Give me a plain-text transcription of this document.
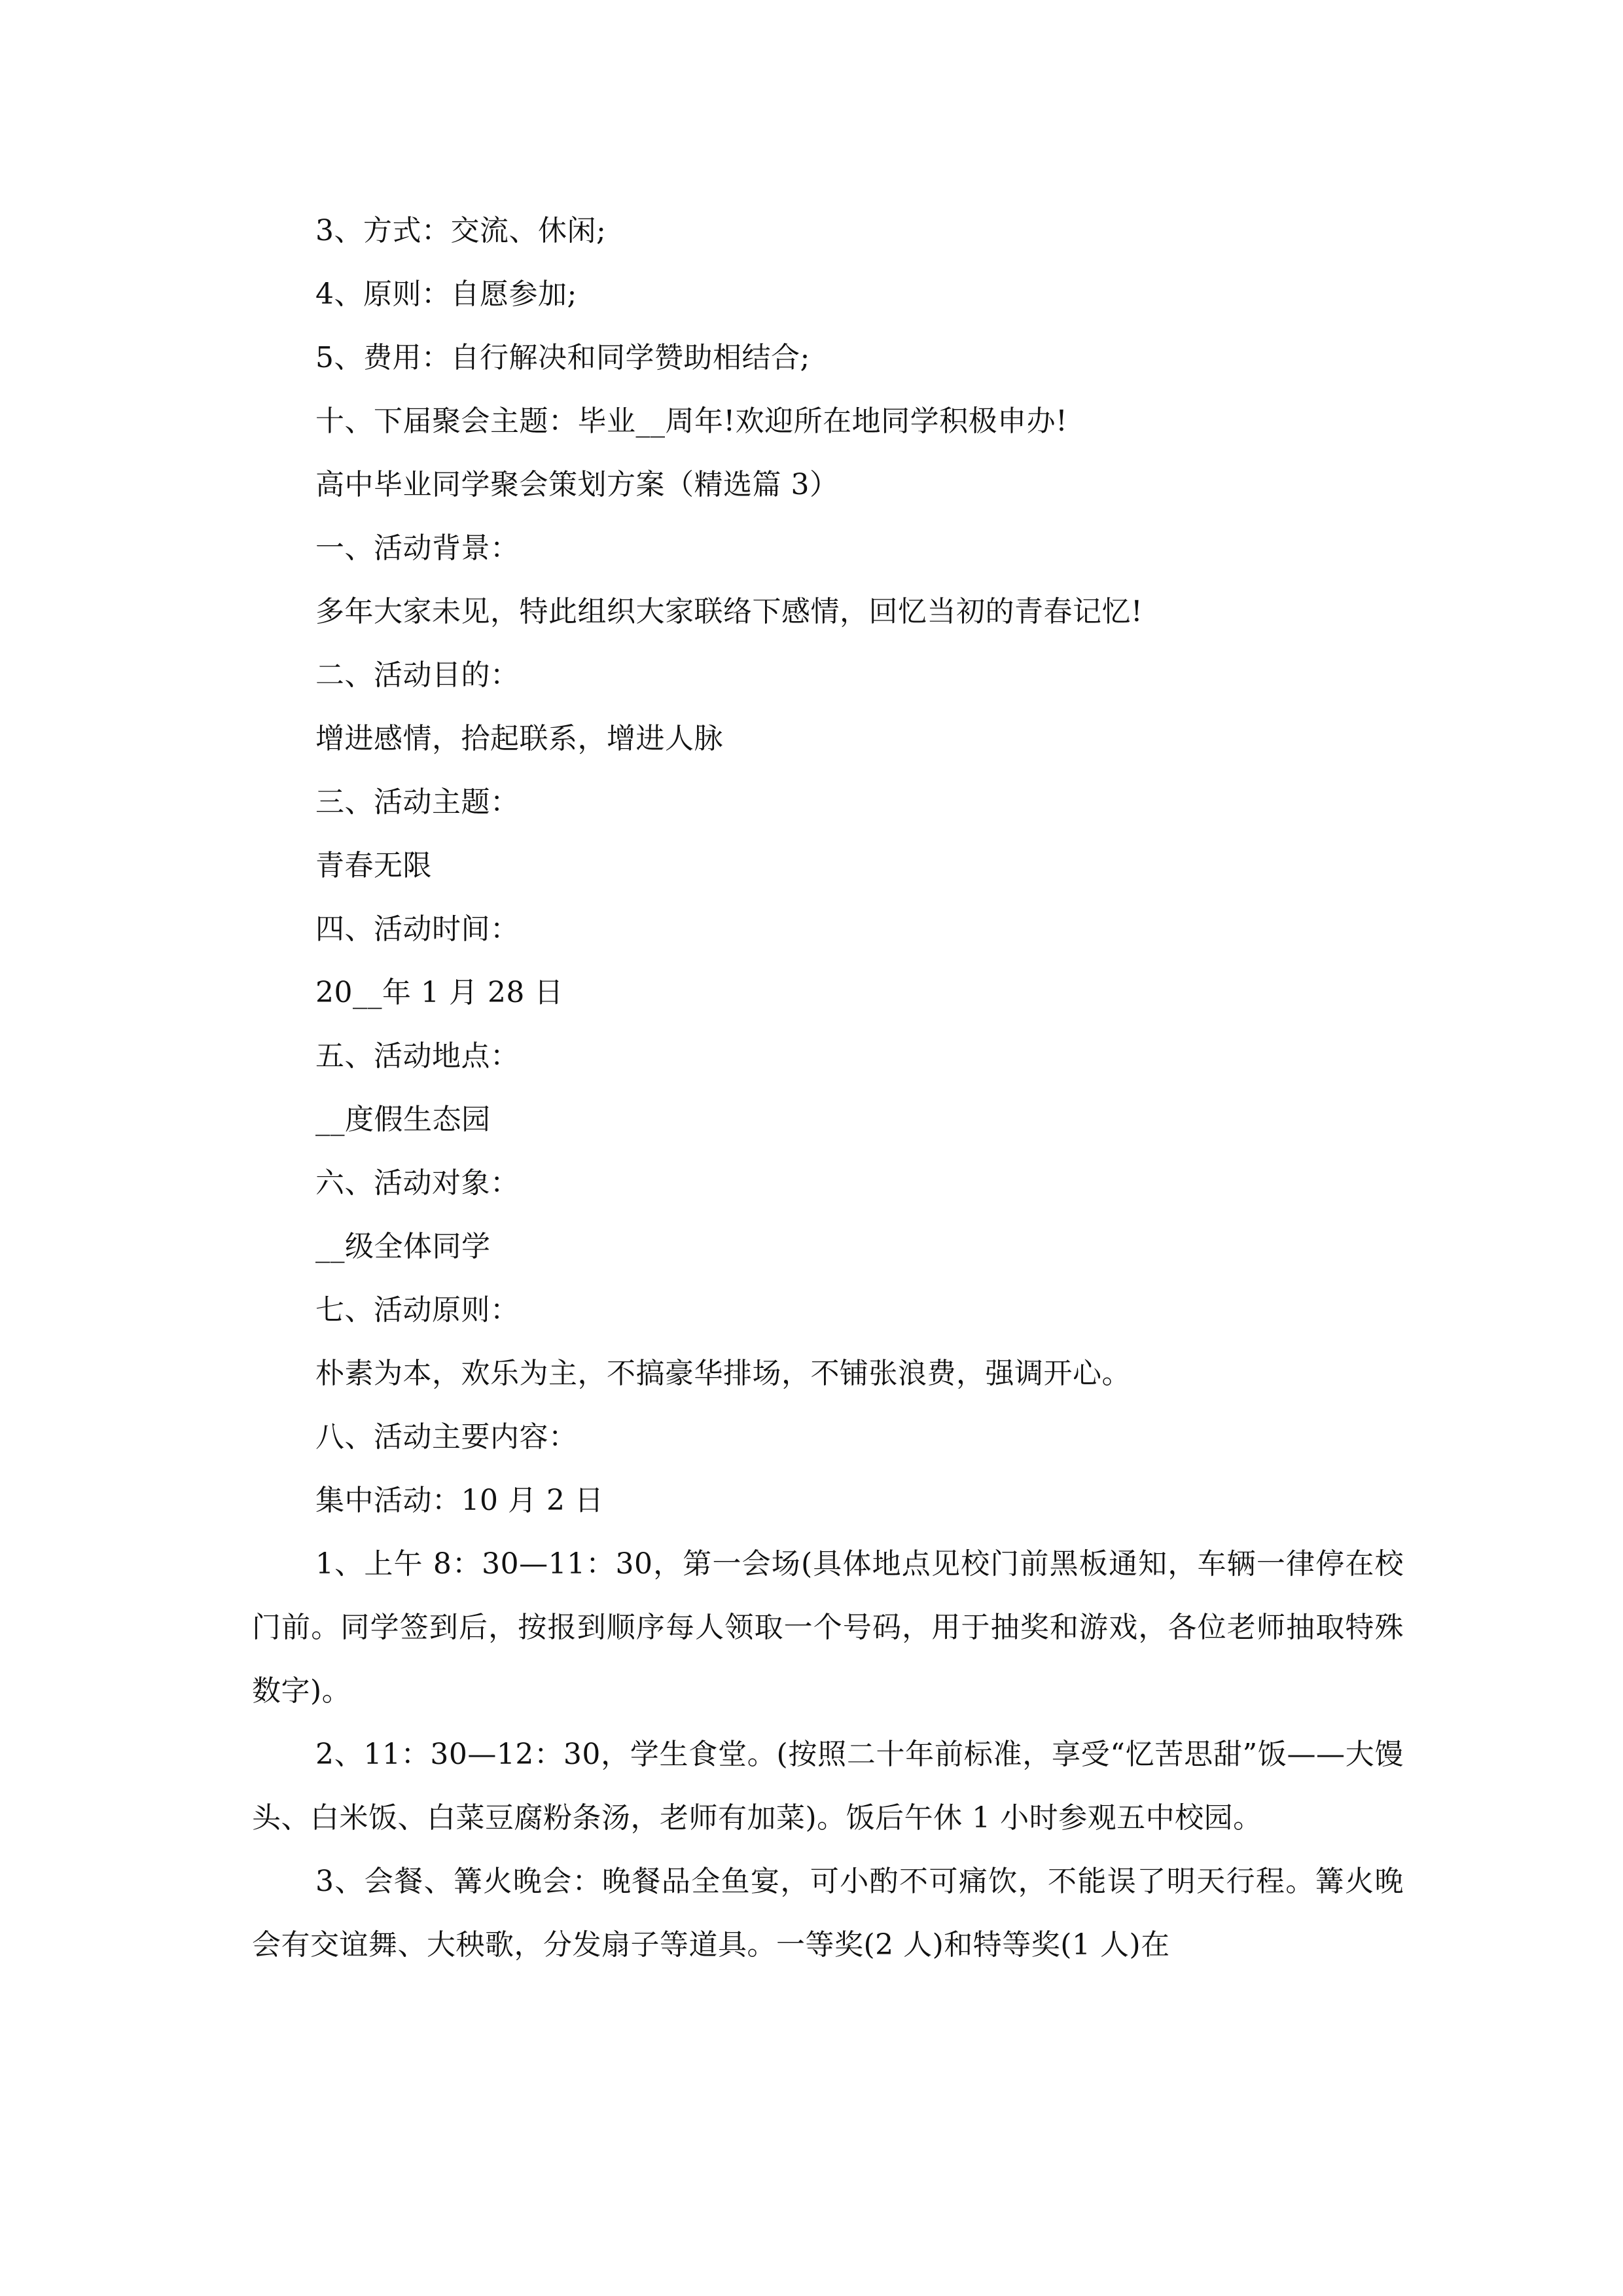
3、方式：交流、休闲;
4、原则：自愿参加;
5、费用：自行解决和同学赞助相结合;
十、下届聚会主题：毕业__周年!欢迎所在地同学积极申办!
高中毕业同学聚会策划方案（精选篇 3）
一、活动背景：
多年大家未见，特此组织大家联络下感情，回忆当初的青春记忆!
二、活动目的：
增进感情，拾起联系，增进人脉
三、活动主题：
青春无限
四、活动时间：
20__年 1 月 28 日
五、活动地点：
__度假生态园
六、活动对象：
__级全体同学
七、活动原则：
朴素为本，欢乐为主，不搞豪华排场，不铺张浪费，强调开心。
八、活动主要内容：
集中活动：10 月 2 日

1、上午 8：30—11：30，第一会场(具体地点见校门前黑板通知，车辆一律停在校门前。同学签到后，按报到顺序每人领取一个号码，用于抽奖和游戏，各位老师抽取特殊数字)。

2、11：30—12：30，学生食堂。(按照二十年前标准，享受“忆苦思甜”饭——大馒头、白米饭、白菜豆腐粉条汤，老师有加菜)。饭后午休 1 小时参观五中校园。

3、会餐、篝火晚会：晚餐品全鱼宴，可小酌不可痛饮，不能误了明天行程。篝火晚会有交谊舞、大秧歌，分发扇子等道具。一等奖(2 人)和特等奖(1 人)在
